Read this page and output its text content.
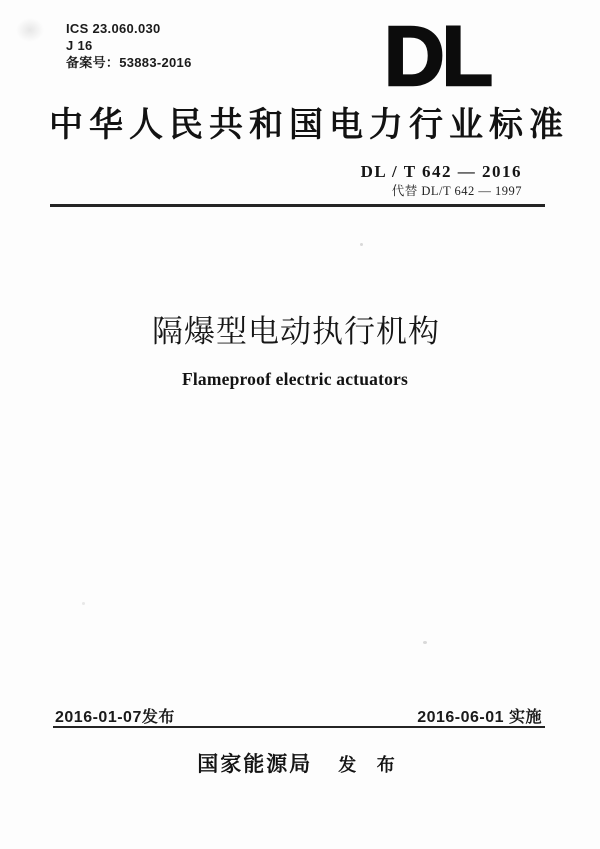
ICS 23.060.030
J 16
备案号：53883-2016 DL
中华人民共和国电力行业标准
DL / T 642 — 2016
代替 DL/T 642 — 1997
隔爆型电动执行机构
Flameproof electric actuators
2016-01-07发布	2016-06-01 实施
国家能源局 发 布
